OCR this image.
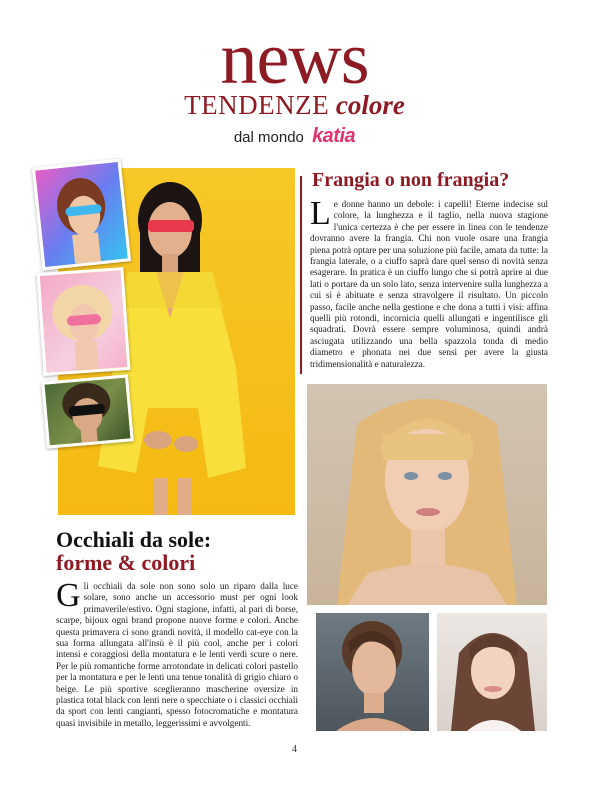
news
TENDENZE colore
dal mondo katia
Occhiali da sole:
forme & colori
Gli occhiali da sole non sono solo un riparo dalla luce solare, sono anche un accessorio must per ogni look primaverile/estivo. Ogni stagione, infatti, al pari di borse, scarpe, bijoux ogni brand propone nuove forme e colori. Anche questa primavera ci sono grandi novità, il modello cat-eye con la sua forma allungata all'insù è il più cool, anche per i colori intensi e coraggiosi della montatura e le lenti verdi scure o nere. Per le più romantiche forme arrotondate in delicati colori pastello per la montatura e per le lenti una tenue tonalità di grigio chiaro o beige. Le più sportive sceglieranno mascherine oversize in plastica total black con lenti nere o specchiate o i classici occhiali da sport con lenti cangianti, spesso fotocromatiche e montatura quasi invisibile in metallo, leggerissimi e avvolgenti.
Frangia o non frangia?
Le donne hanno un debole: i capelli! Eterne indecise sul colore, la lunghezza e il taglio, nella nuova stagione l'unica certezza è che per essere in linea con le tendenze dovranno avere la frangia. Chi non vuole osare una frangia piena potrà optare per una soluzione più facile, amata da tutte: la frangia laterale, o a ciuffo saprà dare quel senso di novità senza esagerare. In pratica è un ciuffo lungo che si potrà aprire ai due lati o portare da un solo lato, senza intervenire sulla lunghezza a cui si è abituate e senza stravolgere il risultato. Un piccolo passo, facile anche nella gestione e che dona a tutti i visi: affina quelli più rotondi, incornicia quelli allungati e ingentilisce gli squadrati. Dovrà essere sempre voluminosa, quindi andrà asciugata utilizzando una bella spazzola tonda di medio diametro e phonata nei due sensi per avere la giusta tridimensionalità e naturalezza.
4
